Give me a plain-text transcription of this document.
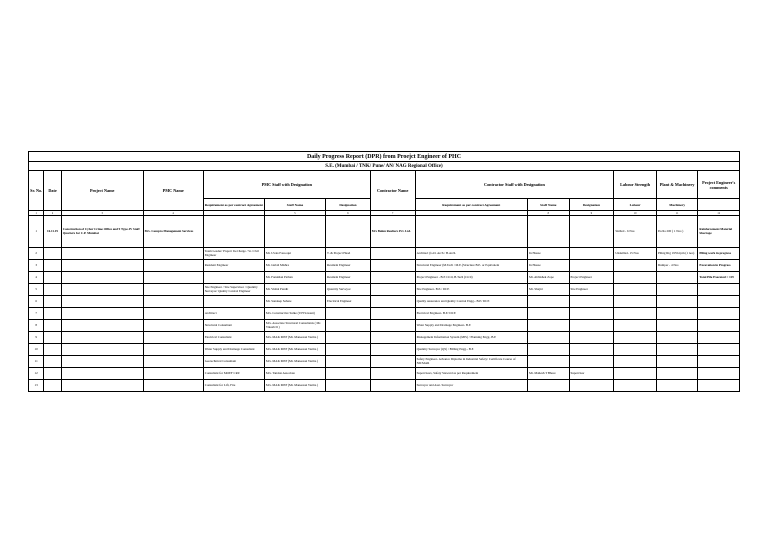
Daily Progress Report (DPR) from Proejct Engineer of PHC													
S.E. (Mumbai / TNK/ Pune/ AN/ NAG Regional Office)													
Sr. No.	Date	Project Name	PMC Name	PMC Staff with Designation			Contractor Name	Contractor Staff with Designation			Labour Strength	Plant & Machinery	Project Engineer's comments
				Requirement as per contract Agreement	Staff Name	Designation		Requirement as per contract Agreement	Staff Name	Designation	Labour	Machinery	
1	2	3	4		5	6	7		8	9	10	11	12
1	16.11.19	Construction of Cyber Crime Office and 9 Type-IV Staff Quarters for C.P. Mumbai	M/s. Compro Management Services				M/s Balun Realtors Pvt. Ltd.				Skilled - 6 Nos	Pocha 200 ( 1 Nos )	Reinforcement Material Shortage
2				Team Leader/ Project In-Charge / Sr. Civil Engineer	Mr. Uvais Farooqui	T. & Project Head		Architect (G.D. Arch / B.Arch.	In House		Unskilled- 15 Nos	Piling Rig 1955crpm (1 nos)	Piling work in progress
3				Resident Engineer	Mr. Girish Mishra	Resident Engineer		Structural Engineer (M.Tech / M.E.(Structure B.E. or Equivalent	In House			Dumper - 4 Nos	Excavation in Progress
4					Mr. Farukhan Pathan	Resident Engineer		Project Engineer - B.E Civil, B.Tech (Civil)	Mr. Abhishek Zope	Project Engineer			Total Pile Executed = 119
5				Site Engineer / Site Supervisor / Quantity Surveyor/ Quality Control Engineer	Mr. Vishal Pandit	Quantity Surveyor		Site Engineer- B.E./ DCE	Mr. Shajid	Site Engineer			
6					Mr. Sandeep Sahare	Electrical Engineer		Quality Assurance and Quality Control Engg.- B.E/ DCE					
7				Architect	M/s. Constructive Sulke (V.H Sawant)			Electrical Engineer- B.E/ DCE					
8				Structural Consultant	M/s. Associate Structural Consultants ( Mr. Vikash D )			Water Supply and Drainage Engineer- B.E					
9				Electrical Consultant	M/s. MAK MEP (Mr. Maneesan Varma )			Management Information System (MIS) / Planning Engg- B.E					
10				Water Supply and Drainage Consultant	M/s. MAK MEP (Mr. Maneesan Varma )			Quantity Surveyor (QS) / Billing Engg.- B.E					
11				Geotechnical Consultant	M/s. MAK MEP (Mr. Maneesan Varma )			Safety Engineer- Advance Diploma in Industrial Safety/ Certificate Course of NICMAR					
12				Consultant for MOEF CRZ	M/s. Tandon Associate			Supervisors, Safety Steward as per Requirement	Mr. Mahesh T Bhore	Supervisor			
13				Consultant for Lift, Fire	M/s. MAK MEP (Mr. Maneesan Varma )			Surveyor and Asst. Surveyor					
